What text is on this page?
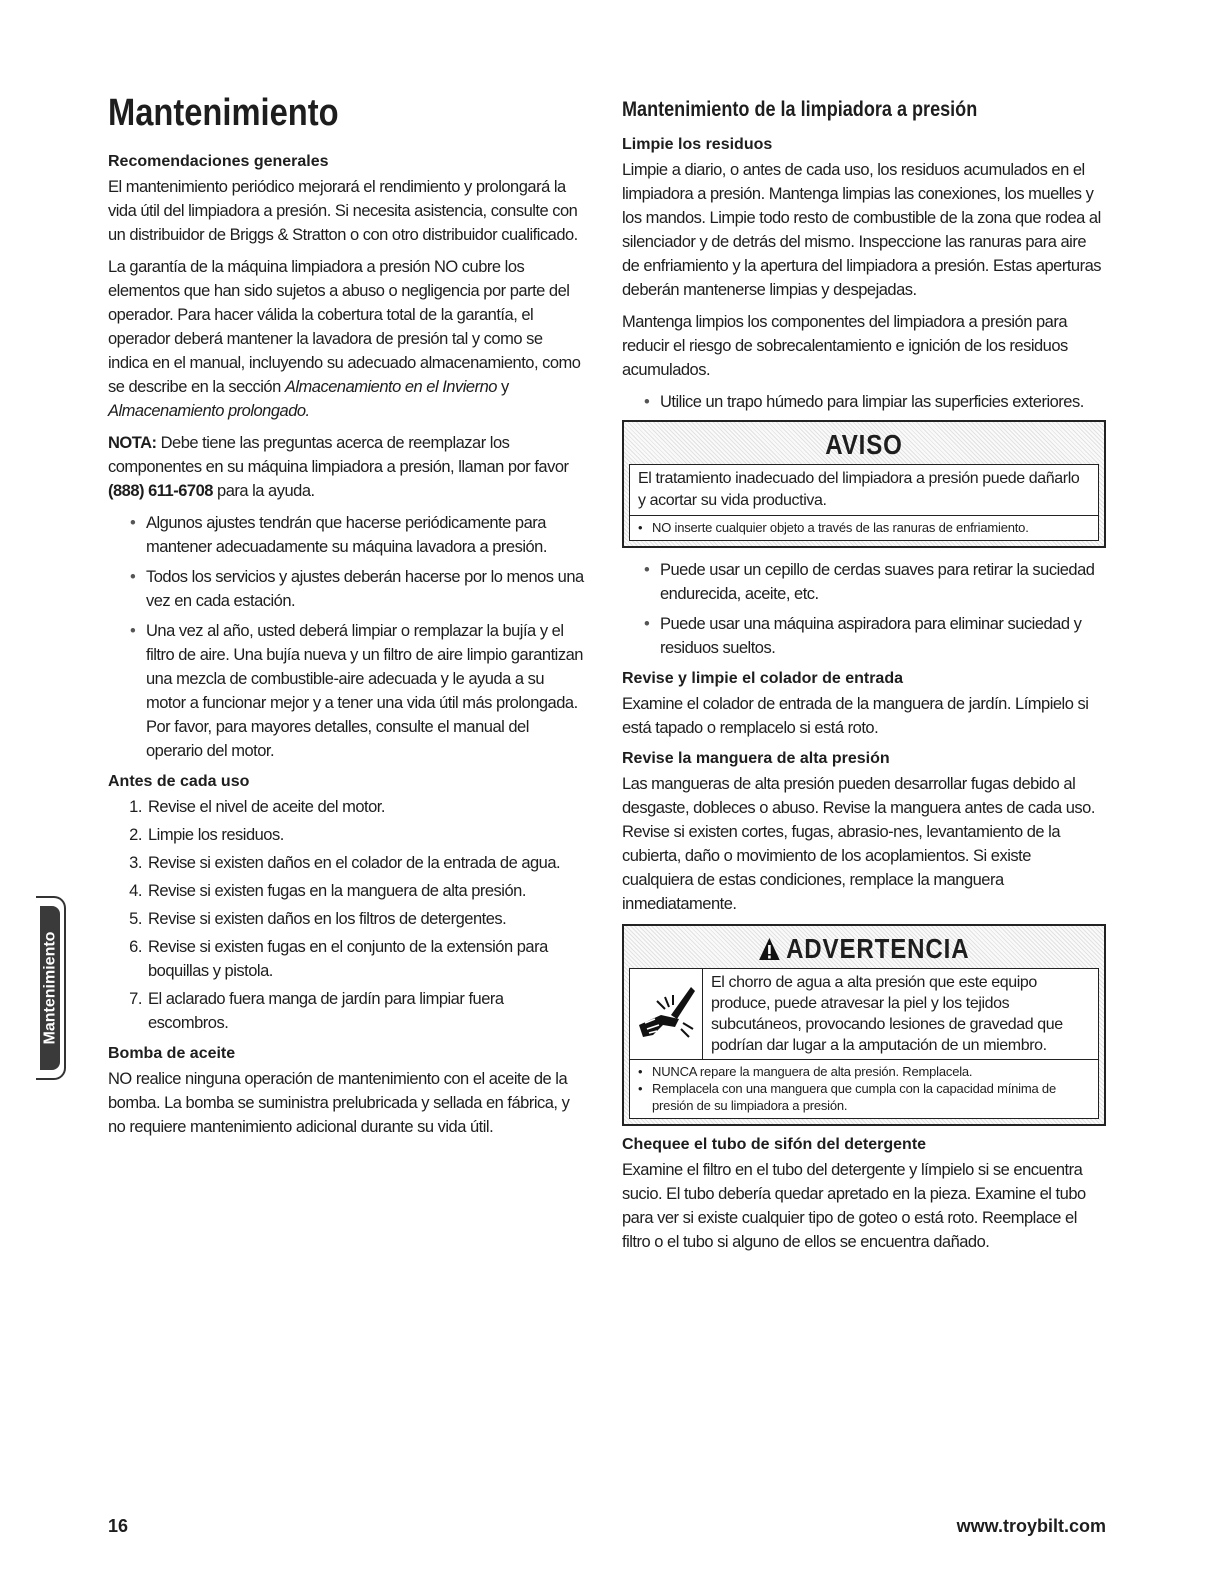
Mantenimiento
Recomendaciones generales

El mantenimiento periódico mejorará el rendimiento y prolongará la vida útil del limpiadora a presión. Si necesita asistencia, consulte con un distribuidor de Briggs & Stratton o con otro distribuidor cualificado.

La garantía de la máquina limpiadora a presión NO cubre los elementos que han sido sujetos a abuso o negligencia por parte del operador. Para hacer válida la cobertura total de la garantía, el operador deberá mantener la lavadora de presión tal y como se indica en el manual, incluyendo su adecuado almacenamiento, como se describe en la sección Almacenamiento en el Invierno y Almacenamiento prolongado.

NOTA: Debe tiene las preguntas acerca de reemplazar los componentes en su máquina limpiadora a presión, llaman por favor (888) 611-6708 para la ayuda.

• Algunos ajustes tendrán que hacerse periódicamente para mantener adecuadamente su máquina lavadora a presión.
• Todos los servicios y ajustes deberán hacerse por lo menos una vez en cada estación.
• Una vez al año, usted deberá limpiar o remplazar la bujía y el filtro de aire. Una bujía nueva y un filtro de aire limpio garantizan una mezcla de combustible-aire adecuada y le ayuda a su motor a funcionar mejor y a tener una vida útil más prolongada. Por favor, para mayores detalles, consulte el manual del operario del motor.
Antes de cada uso
1. Revise el nivel de aceite del motor.
2. Limpie los residuos.
3. Revise si existen daños en el colador de la entrada de agua.
4. Revise si existen fugas en la manguera de alta presión.
5. Revise si existen daños en los filtros de detergentes.
6. Revise si existen fugas en el conjunto de la extensión para boquillas y pistola.
7. El aclarado fuera manga de jardín para limpiar fuera escombros.
Bomba de aceite

NO realice ninguna operación de mantenimiento con el aceite de la bomba. La bomba se suministra prelubricada y sellada en fábrica, y no requiere mantenimiento adicional durante su vida útil.

Mantenimiento de la limpiadora a presión
Limpie los residuos

Limpie a diario, o antes de cada uso, los residuos acumulados en el limpiadora a presión. Mantenga limpias las conexiones, los muelles y los mandos. Limpie todo resto de combustible de la zona que rodea al silenciador y de detrás del mismo. Inspeccione las ranuras para aire de enfriamiento y la apertura del limpiadora a presión. Estas aperturas deberán mantenerse limpias y despejadas.

Mantenga limpios los componentes del limpiadora a presión para reducir el riesgo de sobrecalentamiento e ignición de los residuos acumulados.

• Utilice un trapo húmedo para limpiar las superficies exteriores.
AVISO
El tratamiento inadecuado del limpiadora a presión puede dañarlo y acortar su vida productiva.
• NO inserte cualquier objeto a través de las ranuras de enfriamiento.
• Puede usar un cepillo de cerdas suaves para retirar la suciedad endurecida, aceite, etc.
• Puede usar una máquina aspiradora para eliminar suciedad y residuos sueltos.
Revise y limpie el colador de entrada

Examine el colador de entrada de la manguera de jardín. Límpielo si está tapado o remplacelo si está roto.

Revise la manguera de alta presión

Las mangueras de alta presión pueden desarrollar fugas debido al desgaste, dobleces o abuso. Revise la manguera antes de cada uso. Revise si existen cortes, fugas, abrasio-nes, levantamiento de la cubierta, daño o movimiento de los acoplamientos. Si existe cualquiera de estas condiciones, remplace la manguera inmediatamente.

ADVERTENCIA
El chorro de agua a alta presión que este equipo produce, puede atravesar la piel y los tejidos subcutáneos, provocando lesiones de gravedad que podrían dar lugar a la amputación de un miembro.
• NUNCA repare la manguera de alta presión. Remplacela.
• Remplacela con una manguera que cumpla con la capacidad mínima de presión de su limpiadora a presión.
Chequee el tubo de sifón del detergente

Examine el filtro en el tubo del detergente y límpielo si se encuentra sucio. El tubo debería quedar apretado en la pieza. Examine el tubo para ver si existe cualquier tipo de goteo o está roto. Reemplace el filtro o el tubo si alguno de ellos se encuentra dañado.

Mantenimiento
16	www.troybilt.com
